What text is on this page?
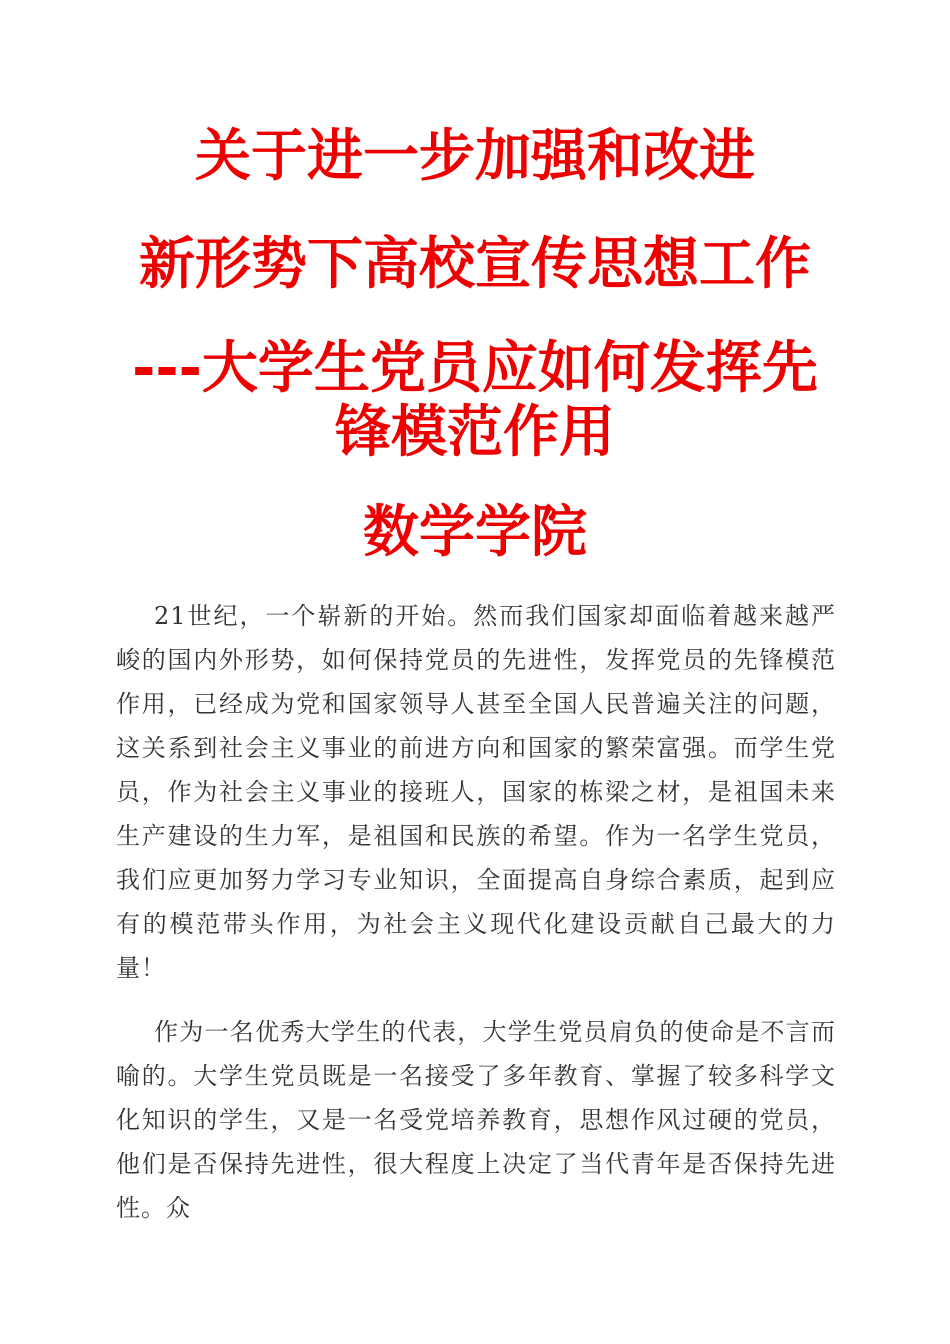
关于进一步加强和改进
新形势下高校宣传思想工作
---大学生党员应如何发挥先
锋模范作用
数学学院

21世纪，一个崭新的开始。然而我们国家却面临着越来越严峻的国内外形势，如何保持党员的先进性，发挥党员的先锋模范作用，已经成为党和国家领导人甚至全国人民普遍关注的问题，这关系到社会主义事业的前进方向和国家的繁荣富强。而学生党员，作为社会主义事业的接班人，国家的栋梁之材，是祖国未来生产建设的生力军，是祖国和民族的希望。作为一名学生党员，我们应更加努力学习专业知识，全面提高自身综合素质，起到应有的模范带头作用，为社会主义现代化建设贡献自己最大的力量！

作为一名优秀大学生的代表，大学生党员肩负的使命是不言而喻的。大学生党员既是一名接受了多年教育、掌握了较多科学文化知识的学生，又是一名受党培养教育，思想作风过硬的党员，他们是否保持先进性，很大程度上决定了当代青年是否保持先进性。众
